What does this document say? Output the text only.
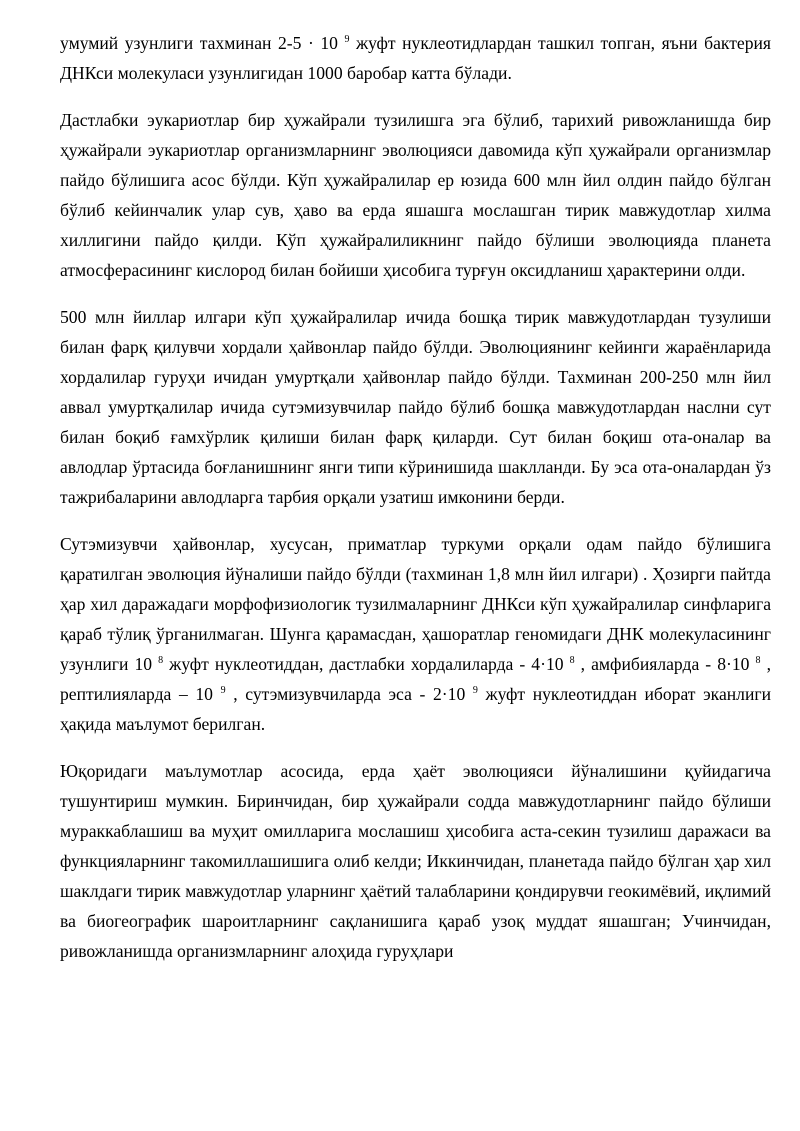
умумий узунлиги тахминан 2-5 · 10 $^9$ жуфт нуклеотидлардан ташкил топган, яъни бактерия ДНКси молекуласи узунлигидан 1000 баробар катта бўлади.

Дастлабки эукариотлар бир ҳужайрали тузилишга эга бўлиб, тарихий ривожланишда бир ҳужайрали эукариотлар организмларнинг эволюцияси давомида кўп ҳужайрали организмлар пайдо бўлишига асос бўлди. Кўп ҳужайралилар ер юзида 600 млн йил олдин пайдо бўлган бўлиб кейинчалик улар сув, ҳаво ва ерда яшашга мослашган тирик мавжудотлар хилма хиллигини пайдо қилди. Кўп ҳужайралиликнинг пайдо бўлиши эволюцияда планета атмосферасининг кислород билан бойиши ҳисобига турғун оксидланиш ҳарактерини олди.

500 млн йиллар илгари кўп ҳужайралилар ичида бошқа тирик мавжудотлардан тузулиши билан фарқ қилувчи хордали ҳайвонлар пайдо бўлди. Эволюциянинг кейинги жараёнларида хордалилар гуруҳи ичидан умуртқали ҳайвонлар пайдо бўлди. Тахминан 200-250 млн йил аввал умуртқалилар ичида сутэмизувчилар пайдо бўлиб бошқа мавжудотлардан наслни сут билан боқиб ғамхўрлик қилиши билан фарқ қиларди. Сут билан боқиш ота-оналар ва авлодлар ўртасида боғланишнинг янги типи кўринишида шаклланди. Бу эса ота-оналардан ўз тажрибаларини авлодларга тарбия орқали узатиш имконини берди.

Сутэмизувчи ҳайвонлар, хусусан, приматлар туркуми орқали одам пайдо бўлишига қаратилган эволюция йўналиши пайдо бўлди (тахминан 1,8 млн йил илгари) . Ҳозирги пайтда ҳар хил даражадаги морфофизиологик тузилмаларнинг ДНКси кўп ҳужайралилар синфларига қараб тўлиқ ўрганилмаган. Шунга қарамасдан, ҳашоратлар геномидаги ДНК молекуласининг узунлиги 10 $^8$ жуфт нуклеотиддан, дастлабки хордалиларда - 4·10 $^8$ , амфибияларда - 8·10 $^8$ , рептилияларда – 10 $^9$ , сутэмизувчиларда эса - 2·10 $^9$ жуфт нуклеотиддан иборат эканлиги ҳақида маълумот берилган.

Юқоридаги маълумотлар асосида, ерда ҳаёт эволюцияси йўналишини қуйидагича тушунтириш мумкин. Биринчидан, бир ҳужайрали содда мавжудотларнинг пайдо бўлиши мураккаблашиш ва муҳит омилларига мослашиш ҳисобига аста-секин тузилиш даражаси ва функцияларнинг такомиллашишига олиб келди; Иккинчидан, планетада пайдо бўлган ҳар хил шаклдаги тирик мавжудотлар уларнинг ҳаётий талабларини қондирувчи геокимёвий, иқлимий ва биогеографик шароитларнинг сақланишига қараб узоқ муддат яшашган; Учинчидан, ривожланишда организмларнинг алоҳида гуруҳлари
